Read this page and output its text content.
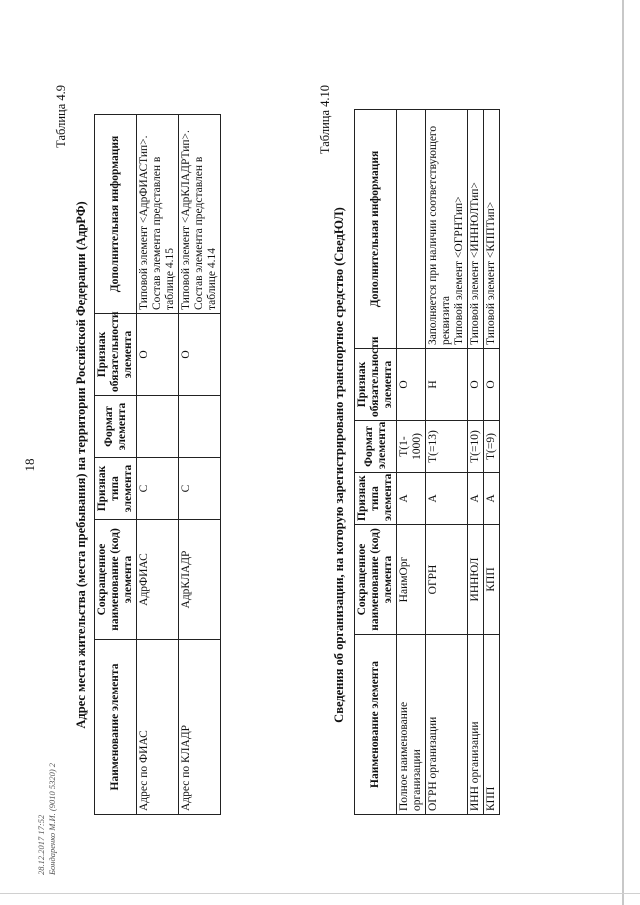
28.12.2017 17:52 Бондаренко М.И. (9010 5320) 2
18
Таблица 4.9
Адрес места жительства (места пребывания) на территории Российской Федерации (АдрРФ) Наименование элемента	Сокращенное наименование (код) элемента	Признак типа элемента	Формат элемента	Признак обязательности элемента	Дополнительная информация
Адрес по ФИАС	АдрФИАС	С		О	Типовой элемент <АдрФИАСТип>. Состав элемента представлен в таблице 4.15

Адрес по КЛАДР	АдрКЛАДР	С		О	Типовой элемент <АдрКЛАДРТип>. Состав элемента представлен в таблице 4.14
Таблица 4.10
Сведения об организации, на которую зарегистрировано транспортное средство (СведЮЛ)
Наименование элемента	Сокращенное наименование (код) элемента	Признак типа элемента	Формат элемента	Признак обязательности элемента	Дополнительная информация
Полное наименование организации	НаимОрг	А	Т(1-1000)	О	

ОГРН организации	ОГРН	А	Т(=13)	Н	Заполняется при наличии соответствующего реквизита Типовой элемент <ОГРНТип>

ИНН организации	ИННЮЛ	А	Т(=10)	О	Типовой элемент <ИННЮЛТип>

КПП	КПП	А	Т(=9)	О	Типовой элемент <КППТип>
